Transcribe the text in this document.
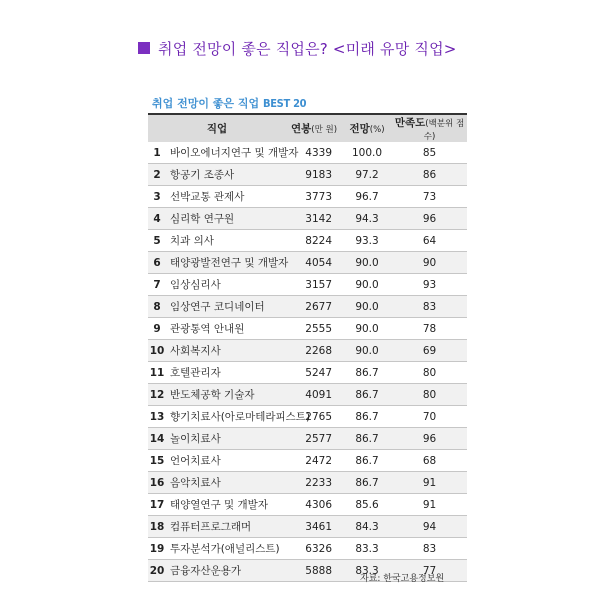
취업 전망이 좋은 직업은? <미래 유망 직업>
취업 전망이 좋은 직업 BEST 20
직업		연봉(만 원)	전망(%)	만족도(백분위 점수)
1	바이오에너지연구 및 개발자	4339	100.0	85
2	항공기 조종사	9183	97.2	86
3	선박교통 관제사	3773	96.7	73
4	심리학 연구원	3142	94.3	96
5	치과 의사	8224	93.3	64
6	태양광발전연구 및 개발자	4054	90.0	90
7	임상심리사	3157	90.0	93
8	임상연구 코디네이터	2677	90.0	83
9	관광통역 안내원	2555	90.0	78
10	사회복지사	2268	90.0	69
11	호텔관리자	5247	86.7	80
12	반도체공학 기술자	4091	86.7	80
13	향기치료사(아로마테라피스트)	2765	86.7	70
14	놀이치료사	2577	86.7	96
15	언어치료사	2472	86.7	68
16	음악치료사	2233	86.7	91
17	태양열연구 및 개발자	4306	85.6	91
18	컴퓨터프로그래머	3461	84.3	94
19	투자분석가(애널리스트)	6326	83.3	83
20	금융자산운용가	5888	83.3	77
자료: 한국고용정보원
